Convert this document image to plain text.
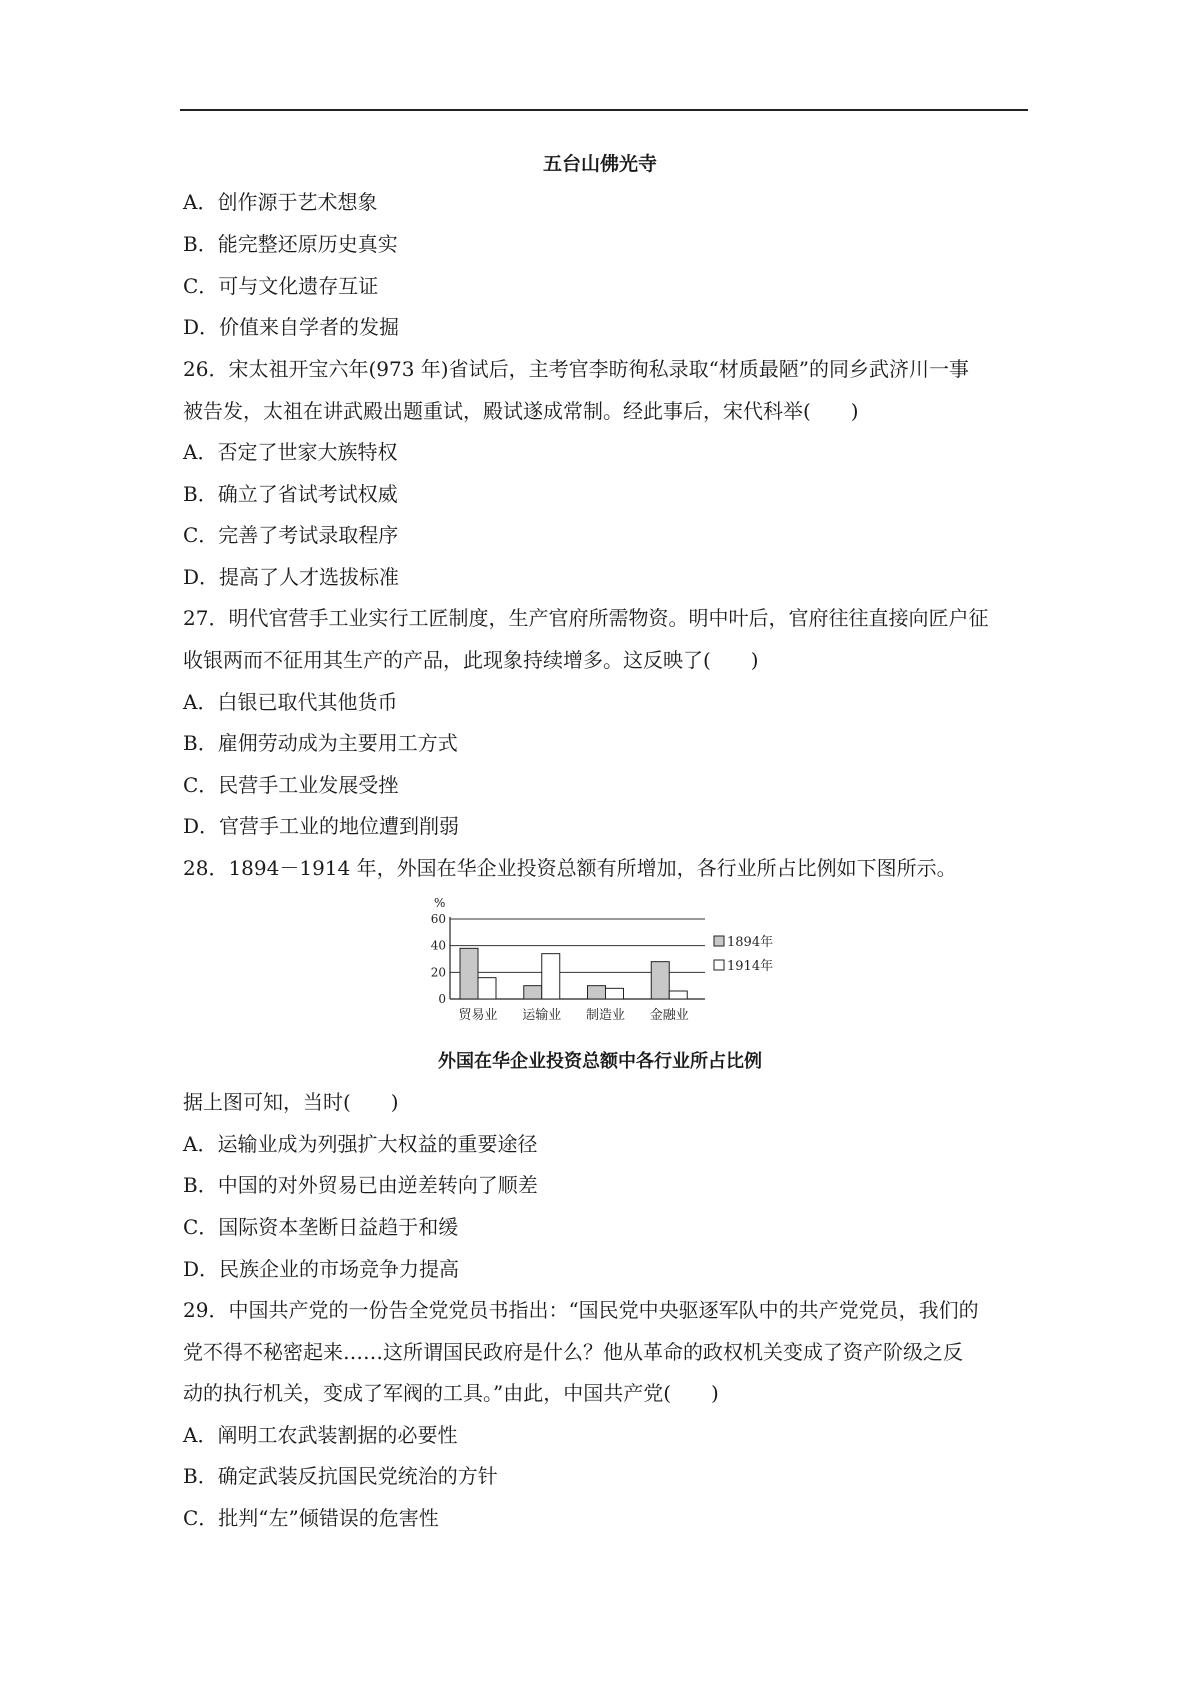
五台山佛光寺
A．创作源于艺术想象
B．能完整还原历史真实
C．可与文化遗存互证
D．价值来自学者的发掘
26．宋太祖开宝六年(973 年)省试后，主考官李昉徇私录取“材质最陋”的同乡武济川一事
被告发，太祖在讲武殿出题重试，殿试遂成常制。经此事后，宋代科举(　　)
A．否定了世家大族特权
B．确立了省试考试权威
C．完善了考试录取程序
D．提高了人才选拔标准
27．明代官营手工业实行工匠制度，生产官府所需物资。明中叶后，官府往往直接向匠户征
收银两而不征用其生产的产品，此现象持续增多。这反映了(　　)
A．白银已取代其他货币
B．雇佣劳动成为主要用工方式
C．民营手工业发展受挫
D．官营手工业的地位遭到削弱
28．1894－1914 年，外国在华企业投资总额有所增加，各行业所占比例如下图所示。
%
0
20
40
60
贸易业 运输业 制造业 金融业
1894年
1914年
外国在华企业投资总额中各行业所占比例
据上图可知，当时(　　)
A．运输业成为列强扩大权益的重要途径
B．中国的对外贸易已由逆差转向了顺差
C．国际资本垄断日益趋于和缓
D．民族企业的市场竞争力提高
29．中国共产党的一份告全党党员书指出：“国民党中央驱逐军队中的共产党党员，我们的
党不得不秘密起来……这所谓国民政府是什么？他从革命的政权机关变成了资产阶级之反
动的执行机关，变成了军阀的工具。”由此，中国共产党(　　)
A．阐明工农武装割据的必要性
B．确定武装反抗国民党统治的方针
C．批判“左”倾错误的危害性
